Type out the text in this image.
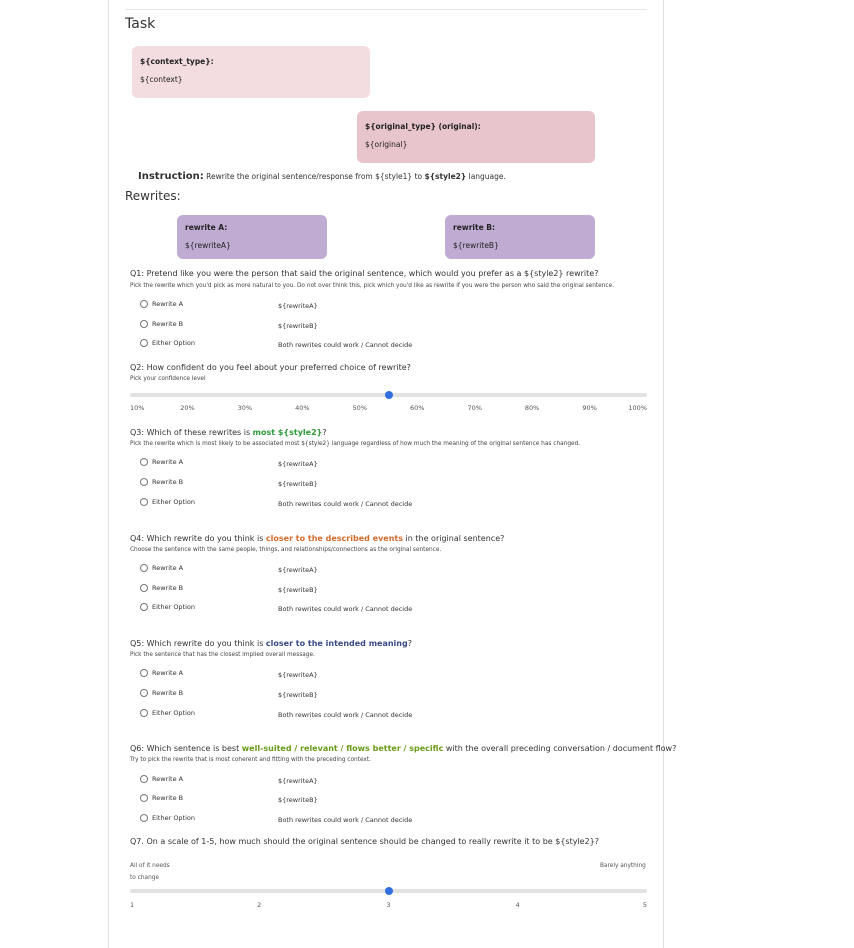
Task
${context_type}:
${context}
${original_type} (original):
${original}
Instruction: Rewrite the original sentence/response from ${style1} to ${style2} language.
Rewrites:
rewrite A:
${rewriteA}
rewrite B:
${rewriteB}
Q1: Pretend like you were the person that said the original sentence, which would you prefer as a ${style2} rewrite?
Pick the rewrite which you'd pick as more natural to you. Do not over think this, pick which you'd like as rewrite if you were the person who said the original sentence.
Rewrite A	${rewriteA}
Rewrite B	${rewriteB}
Either Option	Both rewrites could work / Cannot decide
Q2: How confident do you feel about your preferred choice of rewrite?
Pick your confidence level
10%	20%	30%	40%	50%	60%	70%	80%	90%	100%
Q3: Which of these rewrites is most ${style2}?
Pick the rewrite which is most likely to be associated most ${style2} language regardless of how much the meaning of the original sentence has changed.
Rewrite A	${rewriteA}
Rewrite B	${rewriteB}
Either Option	Both rewrites could work / Cannot decide
Q4: Which rewrite do you think is closer to the described events in the original sentence?
Choose the sentence with the same people, things, and relationships/connections as the original sentence.
Rewrite A	${rewriteA}
Rewrite B	${rewriteB}
Either Option	Both rewrites could work / Cannot decide
Q5: Which rewrite do you think is closer to the intended meaning?
Pick the sentence that has the closest implied overall message.
Rewrite A	${rewriteA}
Rewrite B	${rewriteB}
Either Option	Both rewrites could work / Cannot decide
Q6: Which sentence is best well-suited / relevant / flows better / specific with the overall preceding conversation / document flow?
Try to pick the rewrite that is most coherent and fitting with the preceding context.
Rewrite A	${rewriteA}
Rewrite B	${rewriteB}
Either Option	Both rewrites could work / Cannot decide
Q7. On a scale of 1-5, how much should the original sentence should be changed to really rewrite it to be ${style2}?
All of it needs
to change
Barely anything
1	2	3	4	5
